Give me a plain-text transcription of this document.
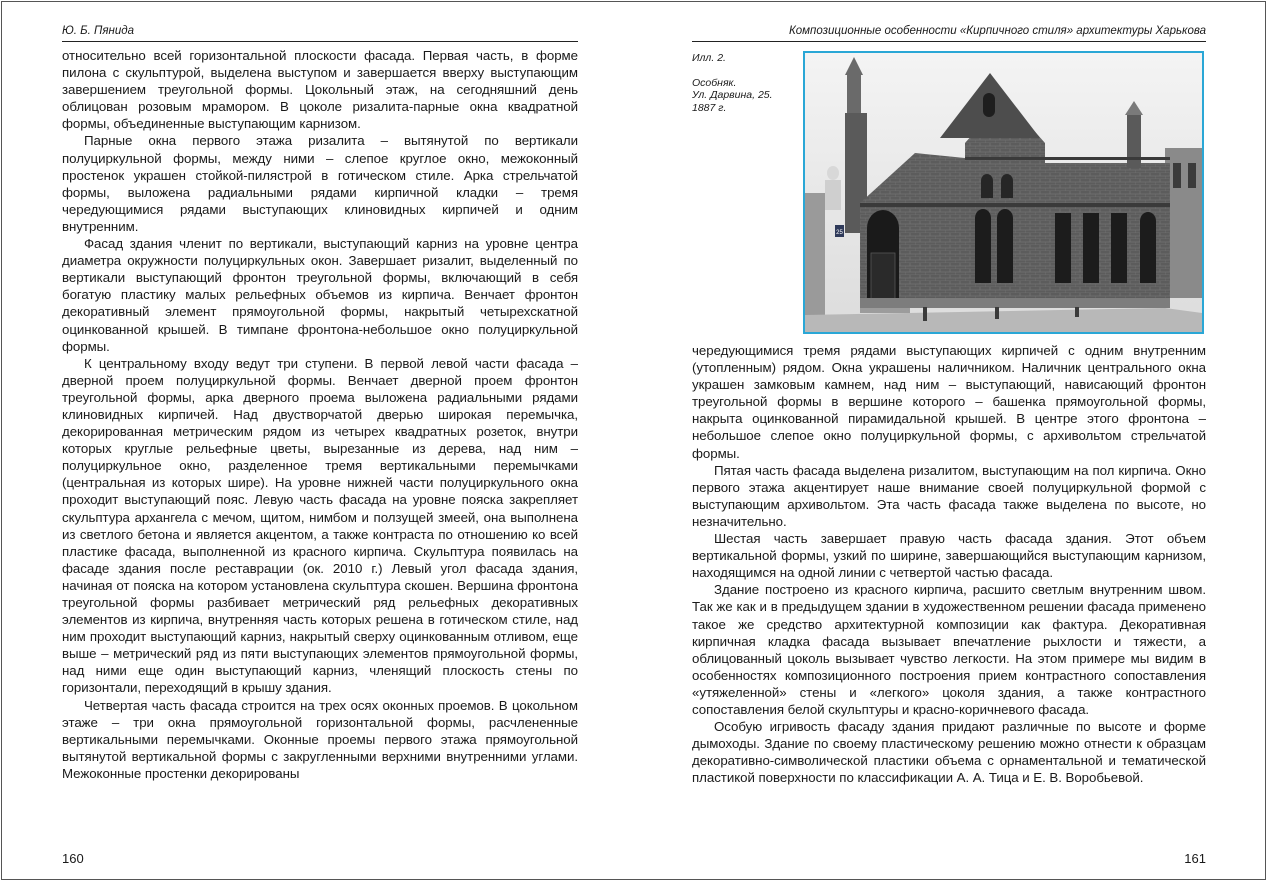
Ю. Б. Пянида

относительно всей горизонтальной плоскости фасада. Первая часть, в форме пилона с скульптурой, выделена выступом и завершается вверху выступающим завершением треугольной формы. Цокольный этаж, на сегодняшний день облицован розовым мрамором. В цоколе ризалита-парные окна квадратной формы, объединенные выступающим карнизом.

Парные окна первого этажа ризалита – вытянутой по вертикали полуциркульной формы, между ними – слепое круглое окно, межоконный простенок украшен стойкой-пилястрой в готическом стиле. Арка стрельчатой формы, выложена радиальными рядами кирпичной кладки – тремя чередующимися рядами выступающих клиновидных кирпичей и одним внутренним.

Фасад здания членит по вертикали, выступающий карниз на уровне центра диаметра окружности полуциркульных окон. Завершает ризалит, выделенный по вертикали выступающий фронтон треугольной формы, включающий в себя богатую пластику малых рельефных объемов из кирпича. Венчает фронтон декоративный элемент прямоугольной формы, накрытый четырехскатной оцинкованной крышей. В тимпане фронтона-небольшое окно полуциркульной формы.

К центральному входу ведут три ступени. В первой левой части фасада – дверной проем полуциркульной формы. Венчает дверной проем фронтон треугольной формы, арка дверного проема выложена радиальными рядами клиновидных кирпичей. Над двустворчатой дверью широкая перемычка, декорированная метрическим рядом из четырех квадратных розеток, внутри которых круглые рельефные цветы, вырезанные из дерева, над ним – полуциркульное окно, разделенное тремя вертикальными перемычками (центральная из которых шире). На уровне нижней части полуциркульного окна проходит выступающий пояс. Левую часть фасада на уровне пояска закрепляет скульптура архангела с мечом, щитом, нимбом и ползущей змеей, она выполнена из светлого бетона и является акцентом, а также контраста по отношению ко всей пластике фасада, выполненной из красного кирпича. Скульптура появилась на фасаде здания после реставрации (ок. 2010 г.) Левый угол фасада здания, начиная от пояска на котором установлена скульптура скошен. Вершина фронтона треугольной формы разбивает метрический ряд рельефных декоративных элементов из кирпича, внутренняя часть которых решена в готическом стиле, над ним проходит выступающий карниз, накрытый сверху оцинкованным отливом, еще выше – метрический ряд из пяти выступающих элементов прямоугольной формы, над ними еще один выступающий карниз, членящий плоскость стены по горизонтали, переходящий в крышу здания.

Четвертая часть фасада строится на трех осях оконных проемов. В цокольном этаже – три окна прямоугольной горизонтальной формы, расчлененные вертикальными перемычками. Оконные проемы первого этажа прямоугольной вытянутой вертикальной формы с закругленными верхними внутренними углами. Межоконные простенки декорированы

160
Композиционные особенности «Кирпичного стиля» архитектуры Харькова
Илл. 2.
Особняк.
Ул. Дарвина, 25.
1887 г.
25

чередующимися тремя рядами выступающих кирпичей с одним внутренним (утопленным) рядом. Окна украшены наличником. Наличник центрального окна украшен замковым камнем, над ним – выступающий, нависающий фронтон треугольной формы в вершине которого – башенка прямоугольной формы, накрыта оцинкованной пирамидальной крышей. В центре этого фронтона – небольшое слепое окно полуциркульной формы, с архивольтом стрельчатой формы.

Пятая часть фасада выделена ризалитом, выступающим на пол кирпича. Окно первого этажа акцентирует наше внимание своей полуциркульной формой с выступающим архивольтом. Эта часть фасада также выделена по высоте, но незначительно.

Шестая часть завершает правую часть фасада здания. Этот объем вертикальной формы, узкий по ширине, завершающийся выступающим карнизом, находящимся на одной линии с четвертой частью фасада.

Здание построено из красного кирпича, расшито светлым внутренним швом. Так же как и в предыдущем здании в художественном решении фасада применено такое же средство архитектурной композиции как фактура. Декоративная кирпичная кладка фасада вызывает впечатление рыхлости и тяжести, а облицованный цоколь вызывает чувство легкости. На этом примере мы видим в особенностях композиционного построения прием контрастного сопоставления «утяжеленной» стены и «легкого» цоколя здания, а также контрастного сопоставления белой скульптуры и красно-коричневого фасада.

Особую игривость фасаду здания придают различные по высоте и форме дымоходы. Здание по своему пластическому решению можно отнести к образцам декоративно-символической пластики объема с орнаментальной и тематической пластикой поверхности по классификации А. А. Тица и Е. В. Воробьевой.

161
